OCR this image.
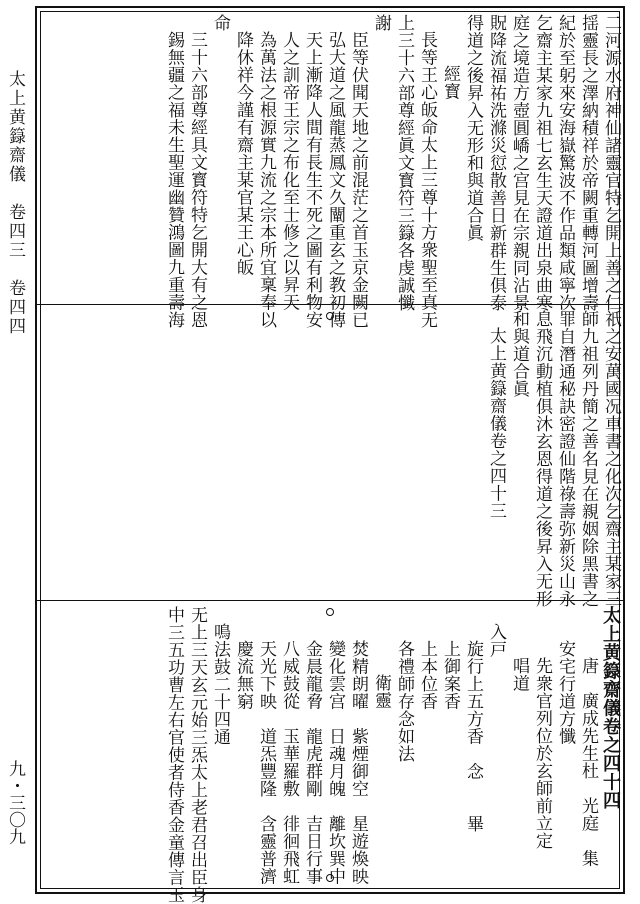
太上黄籙齋儀　卷四三　卷四四
九・三〇九
二河源水府神仙諸靈官特乞開上善之仁
揺靈長之澤納積祥於帝闕重轉河圖增壽
紀於至躬來安海嶽驚波不作品類咸寧次
乞齋主某家九祖七玄生天證道出泉曲寒
庭之境造方壺圓嶠之宫見在宗親同沾景
貺降流福祐洗滌災愆散善日新群生俱泰
得道之後昇入无形和與道合眞
經寳
長等王心皈命太上三尊十方衆聖至真无
上三十六部尊經眞文寳符三籙各虔誠懺
謝
臣等伏聞天地之前混茫之首玉京金闕已
弘大道之風龍蒸鳳文久闡重玄之教初傳
天上漸降人間有長生不死之圖有利物安
人之訓帝王宗之布化至士修之以昇天
為萬法之根源實九流之宗本所宜稟奉以
降休祥今謹有齋主某官某王心皈
命
三十六部尊經具文寳符特乞開大有之恩
錫無疆之福未生聖運幽贊鴻圖九重壽海
祇之安萬國况車書之化次乞齋主某家三
師九祖列丹簡之善名見在親姻除黑書之
罪自潛通秘訣密證仙階祿壽弥新災山永
息飛沉動植俱沐玄恩得道之後昇入无形
和與道合眞
太上黄籙齋儀卷之四十三
太上黄籙齋儀卷之四十四
唐　廣成先生杜　光庭　集
安宅行道方懺
先衆官列位於玄師前立定
唱道
入戸
旋行上五方香　念　　畢
上御案香
上本位香
各禮師存念如法
衛靈
焚精朗曜　紫煙御空　星遊煥映
變化雲宫　日魂月魄　離坎巽中
金晨龍脅　龍虎群剛　吉日行事
八威鼓從　玉華羅敷　徘徊飛虹
天光下映　道炁豐隆　含靈普濟
慶流無窮
鳴法鼓二十四通
无上三天玄元始三炁太上老君召出臣身
中三五功曹左右官使者侍香金童傳言玉
